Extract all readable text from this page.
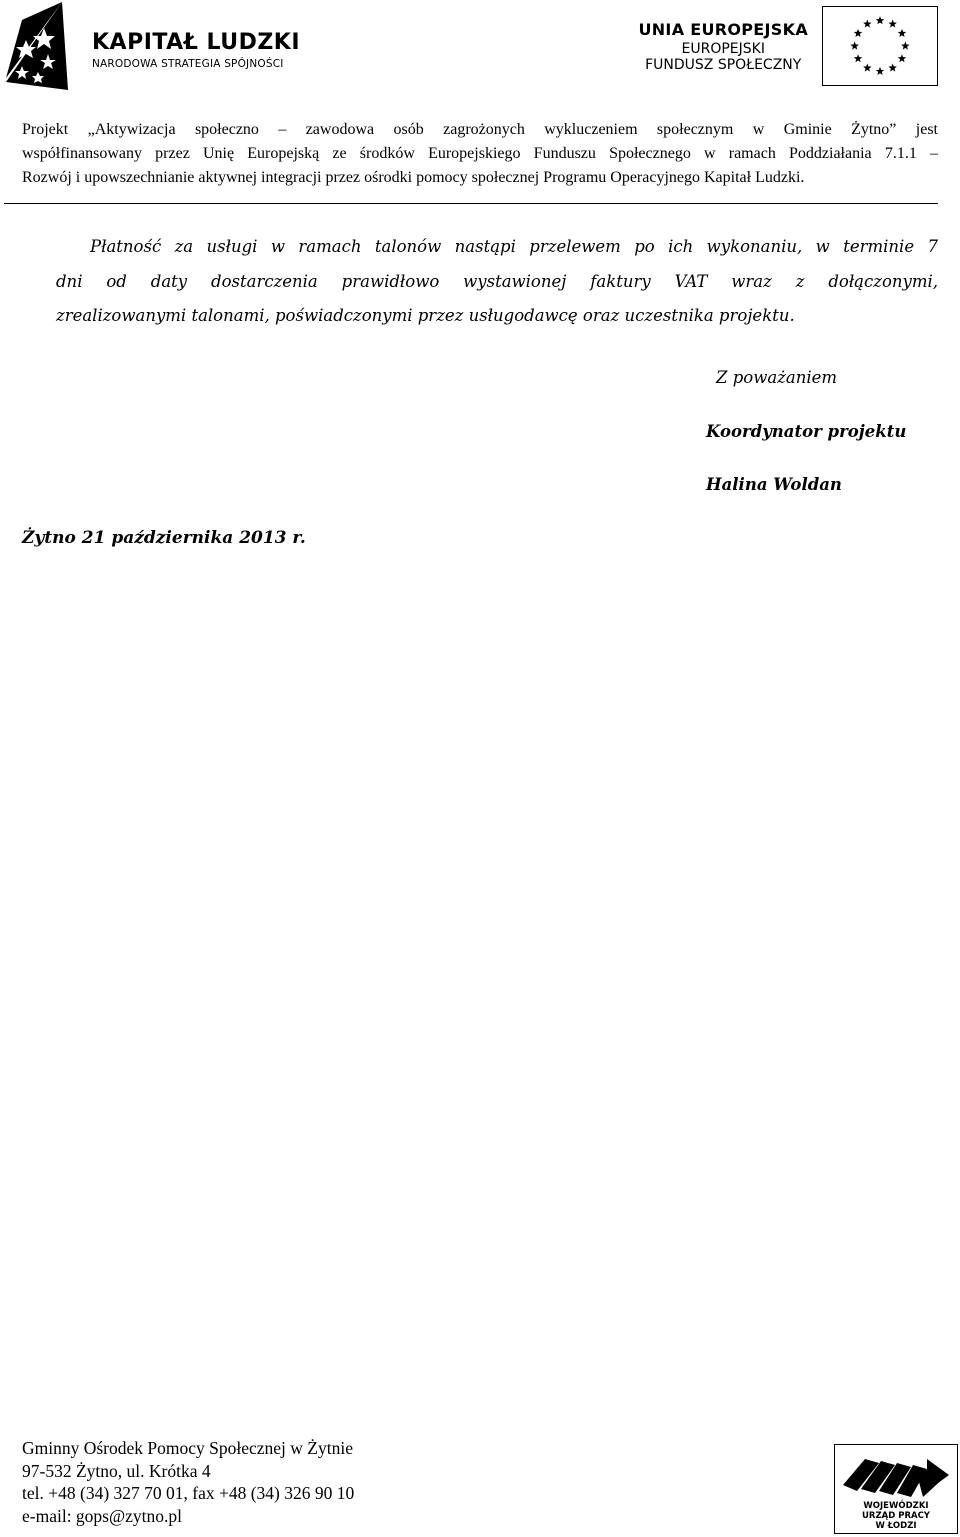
KAPITAŁ LUDZKI
NARODOWA STRATEGIA SPÓJNOŚCI
UNIA EUROPEJSKA
EUROPEJSKI
FUNDUSZ SPOŁECZNY
Projekt „Aktywizacja społeczno – zawodowa osób zagrożonych wykluczeniem społecznym w Gminie Żytno” jest
współfinansowany przez Unię Europejską ze środków Europejskiego Funduszu Społecznego w ramach Poddziałania 7.1.1 –
Rozwój i upowszechnianie aktywnej integracji przez ośrodki pomocy społecznej Programu Operacyjnego Kapitał Ludzki.
Płatność za usługi w ramach talonów nastąpi przelewem po ich wykonaniu, w terminie 7
dni od daty dostarczenia prawidłowo wystawionej faktury VAT wraz z dołączonymi,
zrealizowanymi talonami, poświadczonymi przez usługodawcę oraz uczestnika projektu.
Z poważaniem
Koordynator projektu
Halina Woldan
Żytno 21 października 2013 r.
Gminny Ośrodek Pomocy Społecznej w Żytnie
97-532 Żytno, ul. Krótka 4
tel. +48 (34) 327 70 01, fax +48 (34) 326 90 10
e-mail: gops@zytno.pl	WOJEWÓDZKI
URZĄD PRACY
W ŁODZI
